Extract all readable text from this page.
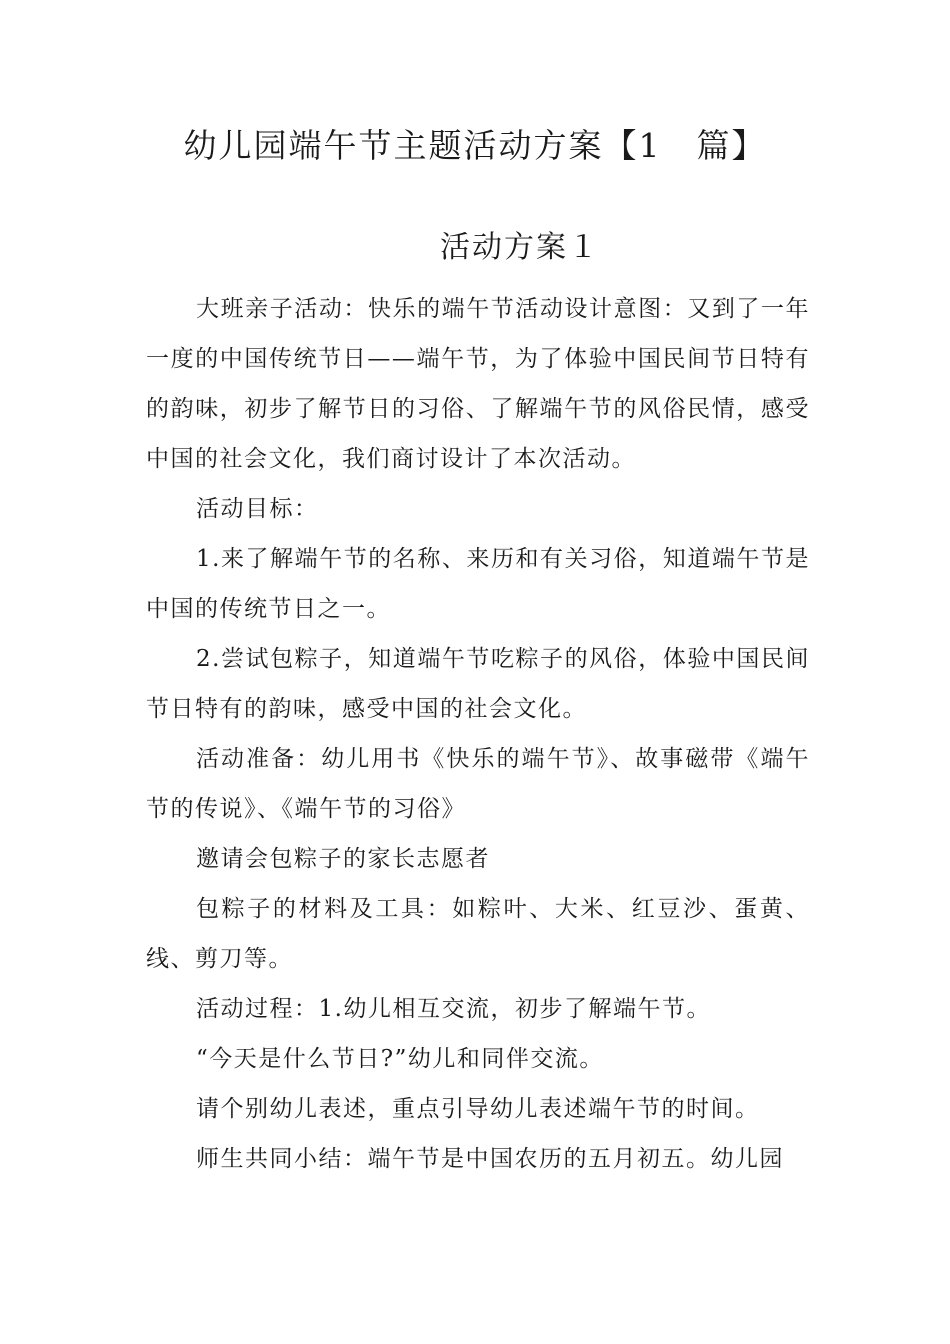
幼儿园端午节主题活动方案【1　篇】
活动方案１

大班亲子活动：快乐的端午节活动设计意图：又到了一年一度的中国传统节日——端午节，为了体验中国民间节日特有的韵味，初步了解节日的习俗、了解端午节的风俗民情，感受中国的社会文化，我们商讨设计了本次活动。

活动目标：

1.来了解端午节的名称、来历和有关习俗，知道端午节是中国的传统节日之一。

2.尝试包粽子，知道端午节吃粽子的风俗，体验中国民间节日特有的韵味，感受中国的社会文化。

活动准备：幼儿用书《快乐的端午节》、故事磁带《端午节的传说》、《端午节的习俗》

邀请会包粽子的家长志愿者

包粽子的材料及工具：如粽叶、大米、红豆沙、蛋黄、线、剪刀等。

活动过程：1.幼儿相互交流，初步了解端午节。

“今天是什么节日?”幼儿和同伴交流。

请个别幼儿表述，重点引导幼儿表述端午节的时间。

师生共同小结：端午节是中国农历的五月初五。幼儿园
